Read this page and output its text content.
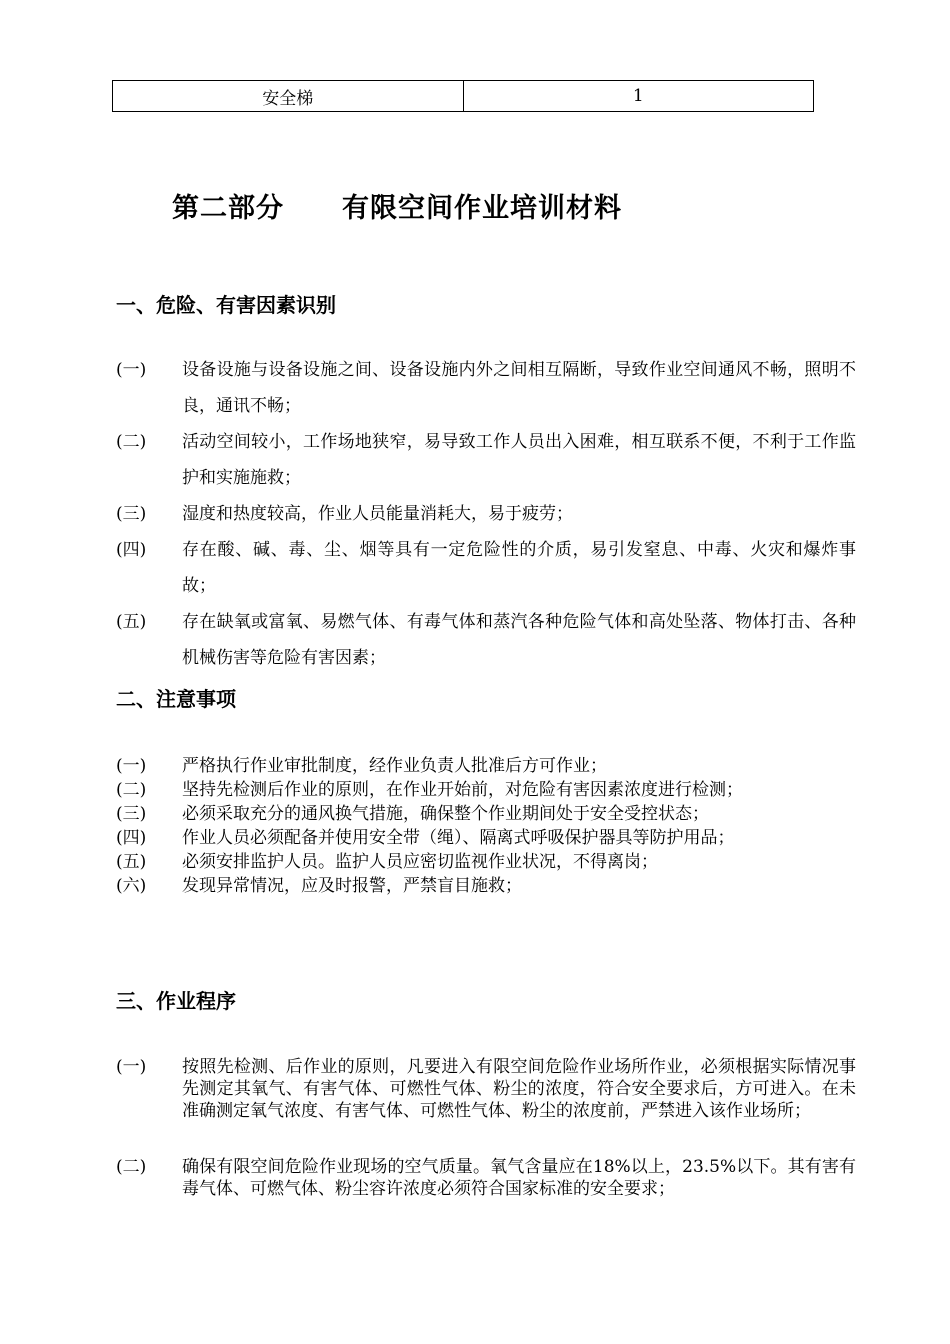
安全梯	1
第二部分 有限空间作业培训材料
一、危险、有害因素识别
(一) 设备设施与设备设施之间、设备设施内外之间相互隔断，导致作业空间通风不畅，照明不良，通讯不畅；
(二) 活动空间较小，工作场地狭窄，易导致工作人员出入困难，相互联系不便，不利于工作监护和实施施救；
(三) 湿度和热度较高，作业人员能量消耗大，易于疲劳；
(四) 存在酸、碱、毒、尘、烟等具有一定危险性的介质，易引发窒息、中毒、火灾和爆炸事故；
(五) 存在缺氧或富氧、易燃气体、有毒气体和蒸汽各种危险气体和高处坠落、物体打击、各种机械伤害等危险有害因素；
二、注意事项
(一) 严格执行作业审批制度，经作业负责人批准后方可作业；
(二) 坚持先检测后作业的原则，在作业开始前，对危险有害因素浓度进行检测；
(三) 必须采取充分的通风换气措施，确保整个作业期间处于安全受控状态；
(四) 作业人员必须配备并使用安全带（绳）、隔离式呼吸保护器具等防护用品；
(五) 必须安排监护人员。监护人员应密切监视作业状况，不得离岗；
(六) 发现异常情况，应及时报警，严禁盲目施救；
三、作业程序
(一) 按照先检测、后作业的原则，凡要进入有限空间危险作业场所作业，必须根据实际情况事先测定其氧气、有害气体、可燃性气体、粉尘的浓度，符合安全要求后，方可进入。在未准确测定氧气浓度、有害气体、可燃性气体、粉尘的浓度前，严禁进入该作业场所；
(二) 确保有限空间危险作业现场的空气质量。氧气含量应在18%以上，23.5%以下。其有害有毒气体、可燃气体、粉尘容许浓度必须符合国家标准的安全要求；
